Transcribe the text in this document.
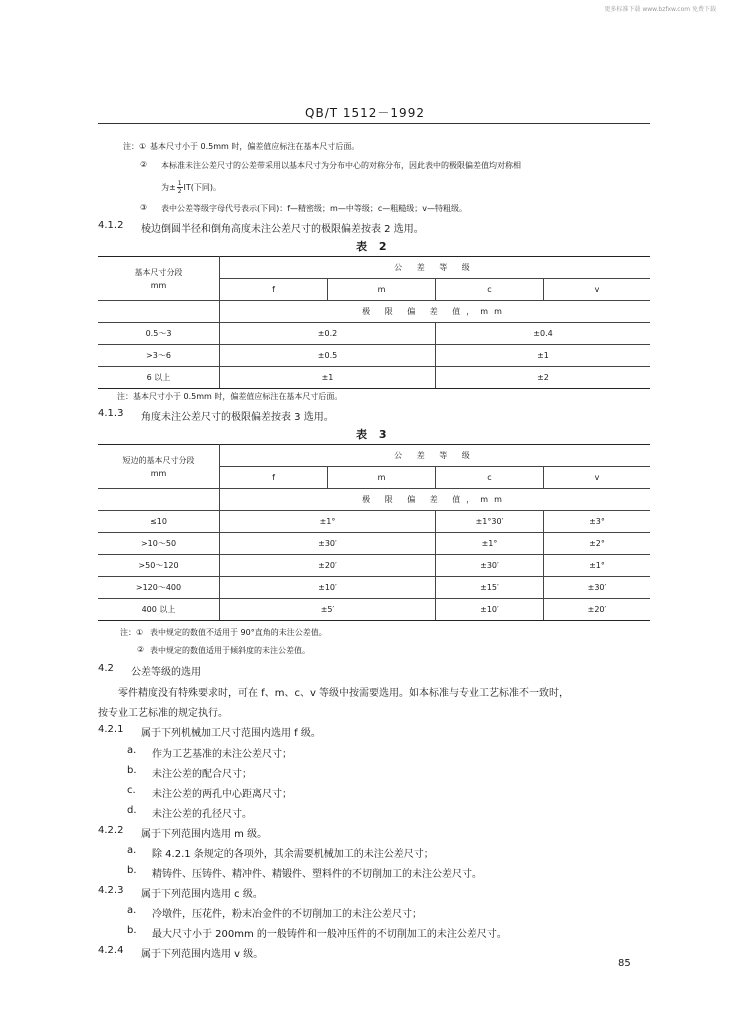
更多标准下载 www.bzfxw.com 免费下载
QB/T 1512－1992
注：① 基本尺寸小于 0.5mm 时，偏差值应标注在基本尺寸后面。
② 本标准未注公差尺寸的公差带采用以基本尺寸为分布中心的对称分布，因此表中的极限偏差值均对称相
为± $\frac{1}{2}IT$(下同)。
③ 表中公差等级字母代号表示(下同)：f—精密级；m—中等级；c—粗糙级；v—特粗级。
4.1.2 棱边倒圆半径和倒角高度未注公差尺寸的极限偏差按表 2 选用。
表 2
基本尺寸分段
mm	公 差 等 级			
	f	m	c	v
	极 限 偏 差 值，mm			
0.5～3	±0.2		±0.4	
>3～6	±0.5		±1	
6 以上	±1		±2	
注：基本尺寸小于 0.5mm 时，偏差值应标注在基本尺寸后面。
4.1.3 角度未注公差尺寸的极限偏差按表 3 选用。
表 3
短边的基本尺寸分段
mm	公 差 等 级			
	f	m	c	v
	极 限 偏 差 值，mm			
≤10	±1°		±1°30′	±3°
>10～50	±30′		±1°	±2°
>50～120	±20′		±30′	±1°
>120～400	±10′		±15′	±30′
400 以上	±5′		±10′	±20′
注：① 表中规定的数值不适用于 90°直角的未注公差值。
② 表中规定的数值适用于倾斜度的未注公差值。
4.2 公差等级的选用
零件精度没有特殊要求时，可在 f、m、c、v 等级中按需要选用。如本标准与专业工艺标准不一致时，
按专业工艺标准的规定执行。
4.2.1 属于下列机械加工尺寸范围内选用 f 级。
a. 作为工艺基准的未注公差尺寸；
b. 未注公差的配合尺寸；
c. 未注公差的两孔中心距离尺寸；
d. 未注公差的孔径尺寸。
4.2.2 属于下列范围内选用 m 级。
a. 除 4.2.1 条规定的各项外，其余需要机械加工的未注公差尺寸；
b. 精铸件、压铸件、精冲件、精锻件、塑料件的不切削加工的未注公差尺寸。
4.2.3 属于下列范围内选用 c 级。
a. 冷墩件，压花件，粉末冶金件的不切削加工的未注公差尺寸；
b. 最大尺寸小于 200mm 的一般铸件和一般冲压件的不切削加工的未注公差尺寸。
4.2.4 属于下列范围内选用 v 级。
85
